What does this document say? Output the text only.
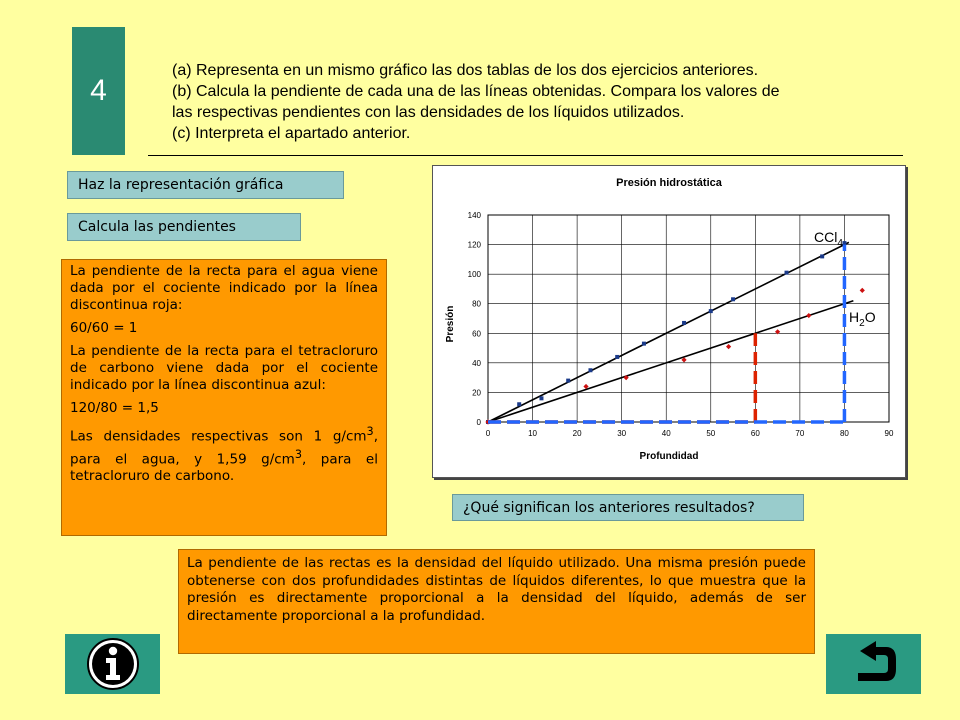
4

(a) Representa en un mismo gráfico las dos tablas de los dos ejercicios anteriores.

(b) Calcula la pendiente de cada una de las líneas obtenidas. Compara los valores de

las respectivas pendientes con las densidades de los líquidos utilizados.

(c) Interpreta el apartado anterior.

Haz la representación gráfica
Calcula las pendientes

La pendiente de la recta para el agua viene dada por el cociente indicado por la línea discontinua roja:

60/60 = 1

La pendiente de la recta para el tetracloruro de carbono viene dada por el cociente indicado por la línea discontinua azul:

120/80 = 1,5

Las densidades respectivas son 1 $g/cm^3$, para el agua, y 1,59 $g/cm^3$, para el tetracloruro de carbono.

Presión hidrostática
0	10	20	30	40	50	60	70	80	90
0
20
40
60
80
100
120
140
Profundidad
Presión
CCl$_4$
$H_2O$
¿Qué significan los anteriores resultados?
La pendiente de las rectas es la densidad del líquido utilizado. Una misma presión puede obtenerse con dos profundidades distintas de líquidos diferentes, lo que muestra que la presión es directamente proporcional a la densidad del líquido, además de ser directamente proporcional a la profundidad.
